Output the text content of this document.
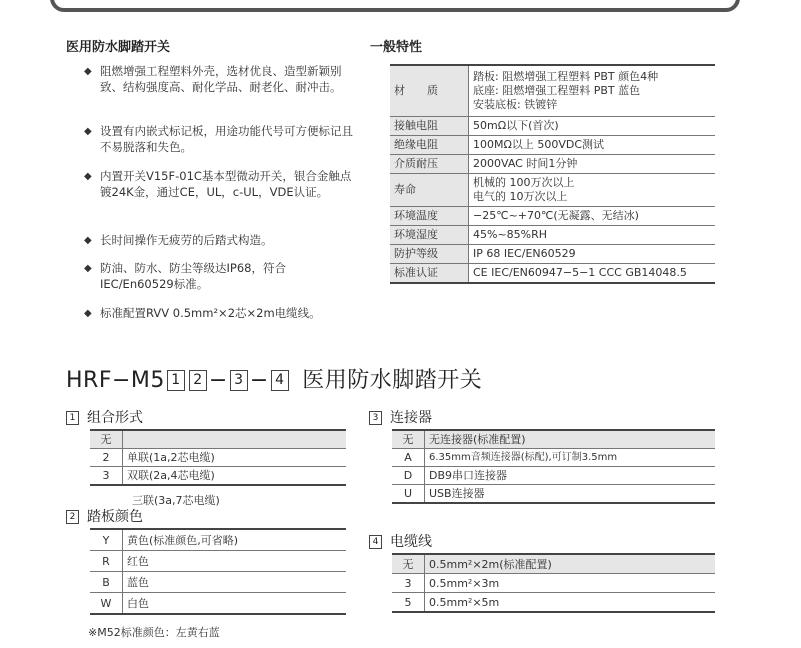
医用防水脚踏开关
◆ 阻燃增强工程塑料外壳，选材优良、造型新颖别致、结构强度高、耐化学品、耐老化、耐冲击。
◆ 设置有内嵌式标记板，用途功能代号可方便标记且不易脱落和失色。
◆ 内置开关V15F-01C基本型微动开关，银合金触点镀24K金，通过CE，UL，c-UL，VDE认证。
◆ 长时间操作无疲劳的后踏式构造。
◆ 防油、防水、防尘等级达IP68，符合IEC/En60529标准。
◆ 标准配置RVV 0.5mm²×2芯×2m电缆线。
一般特性
材　　质	踏板: 阻燃增强工程塑料 PBT 颜色4种
底座: 阻燃增强工程塑料 PBT 蓝色
安装底板: 铁镀锌

接触电阻	50mΩ以下(首次)
绝缘电阻	100MΩ以上 500VDC测试
介质耐压	2000VAC 时间1分钟
寿命	机械的 100万次以上
电气的 10万次以上

环境温度	−25℃~+70℃(无凝露、无结冰)
环境湿度	45%~85%RH
防护等级	IP 68 IEC/EN60529
标准认证	CE IEC/EN60947−5−1 CCC GB14048.5
HRF−M5 1 2 − 3 − 4 医用防水脚踏开关
1 组合形式
无	
2	单联(1a,2芯电缆)
3	双联(2a,4芯电缆)
三联(3a,7芯电缆)
2 踏板颜色
Y	黄色(标准颜色,可省略)
R	红色
B	蓝色
W	白色
3 连接器
无	无连接器(标准配置)
A	6.35mm音频连接器(标配),可订制3.5mm
D	DB9串口连接器
U	USB连接器
4 电缆线
无	0.5mm²×2m(标准配置)
3	0.5mm²×3m
5	0.5mm²×5m
※M52标准颜色：左黄右蓝
